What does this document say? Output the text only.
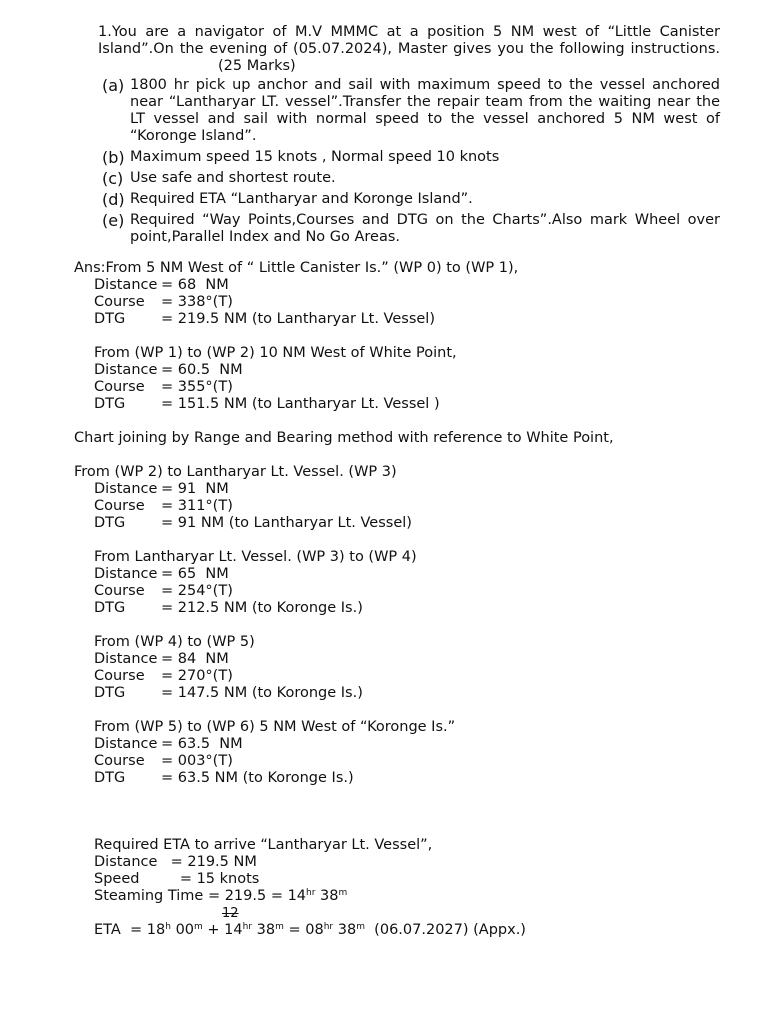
1.You are a navigator of M.V MMMC at a position 5 NM west of “Little Canister Island”.On the evening of (05.07.2024), Master gives you the following instructions.(25 Marks)

(a) 1800 hr pick up anchor and sail with maximum speed to the vessel anchored near “Lantharyar LT. vessel”.Transfer the repair team from the waiting near the LT vessel and sail with normal speed to the vessel anchored 5 NM west of “Koronge Island”.
(b) Maximum speed 15 knots , Normal speed 10 knots
(c) Use safe and shortest route.
(d) Required ETA “Lantharyar and Koronge Island”.
(e) Required “Way Points,Courses and DTG on the Charts”.Also mark Wheel over point,Parallel Index and No Go Areas.

Ans:From 5 NM West of “ Little Canister Is.” (WP 0) to (WP 1),

Distance = 68  NM
Course	= 338°(T)
DTG	= 219.5 NM (to Lantharyar Lt. Vessel)

From (WP 1) to (WP 2) 10 NM West of White Point,

Distance = 60.5  NM
Course	= 355°(T)
DTG	= 151.5 NM (to Lantharyar Lt. Vessel )

Chart joining by Range and Bearing method with reference to White Point,

From (WP 2) to Lantharyar Lt. Vessel. (WP 3)

Distance = 91  NM
Course	= 311°(T)
DTG	= 91 NM (to Lantharyar Lt. Vessel)

From Lantharyar Lt. Vessel. (WP 3) to (WP 4)

Distance = 65  NM
Course	= 254°(T)
DTG	= 212.5 NM (to Koronge Is.)

From (WP 4) to (WP 5)

Distance = 84  NM
Course	= 270°(T)
DTG	= 147.5 NM (to Koronge Is.)

From (WP 5) to (WP 6) 5 NM West of “Koronge Is.”

Distance = 63.5  NM
Course	= 003°(T)
DTG	= 63.5 NM (to Koronge Is.)

Required ETA to arrive “Lantharyar Lt. Vessel”,

Distance = 219.5 NM
Speed	= 15 knots

Steaming Time = $219.5 = 14^{hr}$ 38$^m$

12

ETA  = $18^h$ $00^m + 14^{hr}$ $38^m = 08^{hr}$ 38$^m$  (06.07.2027) (Appx.)
